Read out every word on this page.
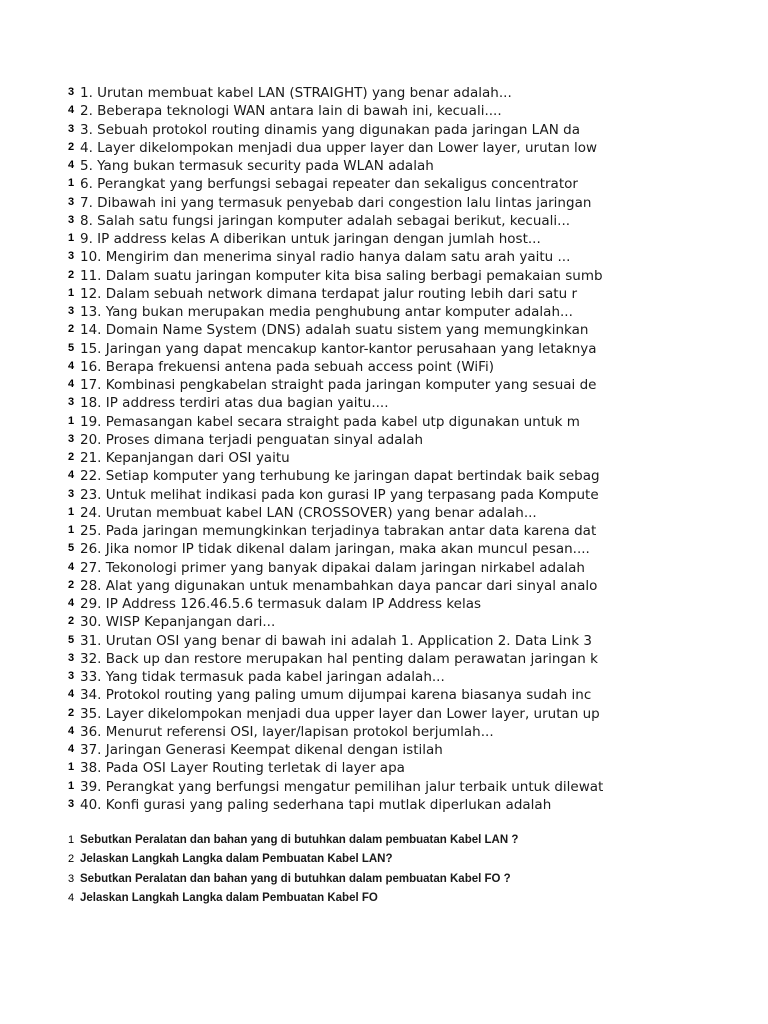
3 1. Urutan membuat kabel LAN (STRAIGHT) yang benar adalah...
4 2. Beberapa teknologi WAN antara lain di bawah ini, kecuali....
3 3. Sebuah protokol routing dinamis yang digunakan pada jaringan LAN da
2 4. Layer dikelompokan menjadi dua upper layer dan Lower layer, urutan low
4 5. Yang bukan termasuk security pada WLAN adalah
1 6. Perangkat yang berfungsi sebagai repeater dan sekaligus concentrator
3 7. Dibawah ini yang termasuk penyebab dari congestion lalu lintas jaringan
3 8. Salah satu fungsi jaringan komputer adalah sebagai berikut, kecuali...
1 9. IP address kelas A diberikan untuk jaringan dengan jumlah host...
3 10. Mengirim dan menerima sinyal radio hanya dalam satu arah yaitu ...
2 11. Dalam suatu jaringan komputer kita bisa saling berbagi pemakaian sumb
1 12. Dalam sebuah network dimana terdapat jalur routing lebih dari satu r
3 13. Yang bukan merupakan media penghubung antar komputer adalah...
2 14. Domain Name System (DNS) adalah suatu sistem yang memungkinkan
5 15. Jaringan yang dapat mencakup kantor-kantor perusahaan yang letaknya
4 16. Berapa frekuensi antena pada sebuah access point (WiFi)
4 17. Kombinasi pengkabelan straight pada jaringan komputer yang sesuai de
3 18. IP address terdiri atas dua bagian yaitu....
1 19. Pemasangan kabel secara straight pada kabel utp digunakan untuk m
3 20. Proses dimana terjadi penguatan sinyal adalah
2 21. Kepanjangan dari OSI yaitu
4 22. Setiap komputer yang terhubung ke jaringan dapat bertindak baik sebag
3 23. Untuk melihat indikasi pada kon gurasi IP yang terpasang pada Kompute
1 24. Urutan membuat kabel LAN (CROSSOVER) yang benar adalah...
1 25. Pada jaringan memungkinkan terjadinya tabrakan antar data karena dat
5 26. Jika nomor IP tidak dikenal dalam jaringan, maka akan muncul pesan....
4 27. Tekonologi primer yang banyak dipakai dalam jaringan nirkabel adalah
2 28. Alat yang digunakan untuk menambahkan daya pancar dari sinyal analo
4 29. IP Address 126.46.5.6 termasuk dalam IP Address kelas
2 30. WISP Kepanjangan dari...
5 31. Urutan OSI yang benar di bawah ini adalah 1. Application 2. Data Link 3
3 32. Back up dan restore merupakan hal penting dalam perawatan jaringan k
3 33. Yang tidak termasuk pada kabel jaringan adalah...
4 34. Protokol routing yang paling umum dijumpai karena biasanya sudah inc
2 35. Layer dikelompokan menjadi dua upper layer dan Lower layer, urutan up
4 36. Menurut referensi OSI, layer/lapisan protokol berjumlah...
4 37. Jaringan Generasi Keempat dikenal dengan istilah
1 38. Pada OSI Layer Routing terletak di layer apa
1 39. Perangkat yang berfungsi mengatur pemilihan jalur terbaik untuk dilewat
3 40. Konfi gurasi yang paling sederhana tapi mutlak diperlukan adalah
1 Sebutkan Peralatan dan bahan yang di butuhkan dalam pembuatan Kabel LAN ?
2 Jelaskan Langkah Langka dalam Pembuatan Kabel LAN?
3 Sebutkan Peralatan dan bahan yang di butuhkan dalam pembuatan Kabel FO ?
4 Jelaskan Langkah Langka dalam Pembuatan Kabel FO
